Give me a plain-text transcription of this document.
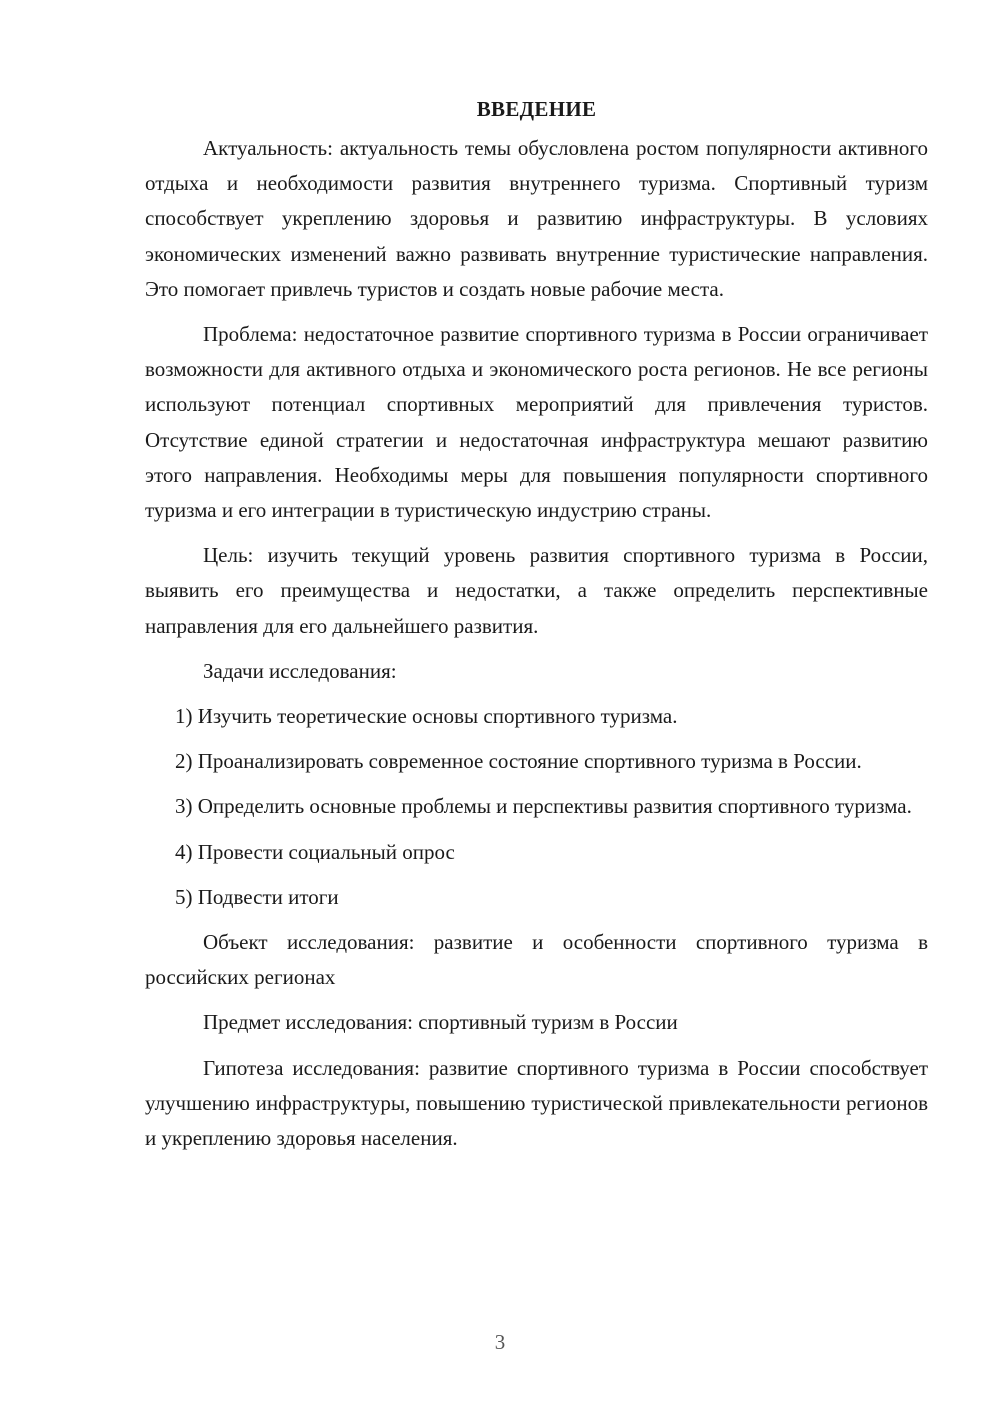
ВВЕДЕНИЕ

Актуальность: актуальность темы обусловлена ростом популярности активного отдыха и необходимости развития внутреннего туризма. Спортивный туризм способствует укреплению здоровья и развитию инфраструктуры. В условиях экономических изменений важно развивать внутренние туристические направления. Это помогает привлечь туристов и создать новые рабочие места.

Проблема: недостаточное развитие спортивного туризма в России ограничивает возможности для активного отдыха и экономического роста регионов. Не все регионы используют потенциал спортивных мероприятий для привлечения туристов. Отсутствие единой стратегии и недостаточная инфраструктура мешают развитию этого направления. Необходимы меры для повышения популярности спортивного туризма и его интеграции в туристическую индустрию страны.

Цель: изучить текущий уровень развития спортивного туризма в России, выявить его преимущества и недостатки, а также определить перспективные направления для его дальнейшего развития.

Задачи исследования:

1) Изучить теоретические основы спортивного туризма.

2) Проанализировать современное состояние спортивного туризма в России.

3) Определить основные проблемы и перспективы развития спортивного туризма.

4) Провести социальный опрос

5) Подвести итоги

Объект исследования: развитие и особенности спортивного туризма в российских регионах

Предмет исследования: спортивный туризм в России

Гипотеза исследования: развитие спортивного туризма в России способствует улучшению инфраструктуры, повышению туристической привлекательности регионов и укреплению здоровья населения.

3
